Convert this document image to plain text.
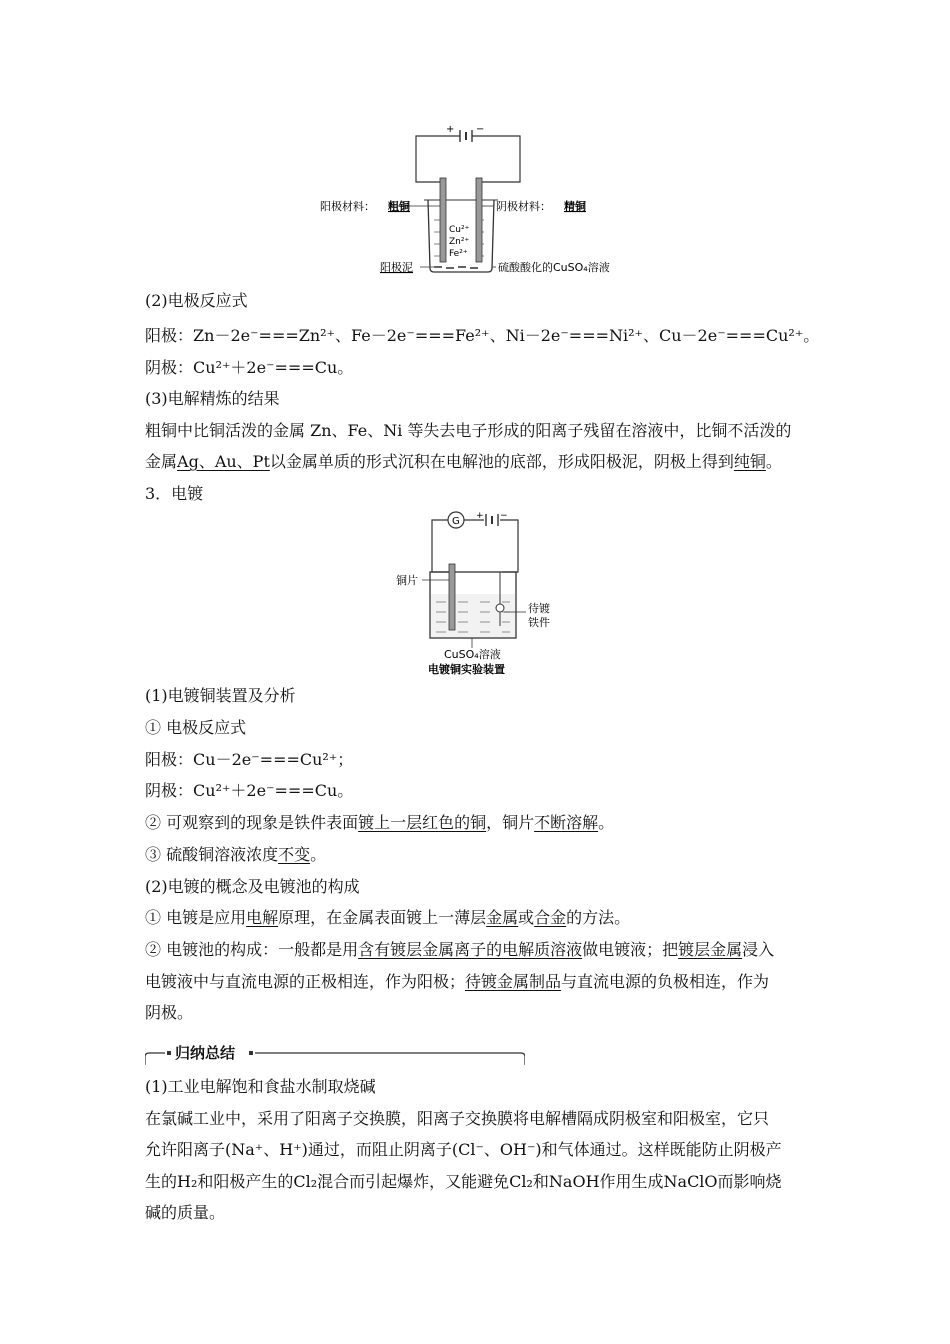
+ −
Cu²⁺
Zn²⁺
Fe²⁺
阳极材料： 粗铜	阴极材料： 精铜
阳极泥	硫酸酸化的CuSO₄溶液
(2)电极反应式
阳极：Zn－2e⁻===Zn²⁺、Fe－2e⁻===Fe²⁺、Ni－2e⁻===Ni²⁺、Cu－2e⁻===Cu²⁺。
阴极：Cu²⁺＋2e⁻===Cu。
(3)电解精炼的结果
粗铜中比铜活泼的金属 Zn、Fe、Ni 等失去电子形成的阳离子残留在溶液中，比铜不活泼的
金属Ag、Au、Pt以金属单质的形式沉积在电解池的底部，形成阳极泥，阴极上得到纯铜。
3．电镀
G + −
铜片
待镀
铁件
CuSO₄溶液
电镀铜实验装置
(1)电镀铜装置及分析
① 电极反应式
阳极：Cu－2e⁻===Cu²⁺；
阴极：Cu²⁺＋2e⁻===Cu。
② 可观察到的现象是铁件表面镀上一层红色的铜，铜片不断溶解。
③ 硫酸铜溶液浓度不变。
(2)电镀的概念及电镀池的构成
① 电镀是应用电解原理，在金属表面镀上一薄层金属或合金的方法。
② 电镀池的构成：一般都是用含有镀层金属离子的电解质溶液做电镀液；把镀层金属浸入
电镀液中与直流电源的正极相连，作为阳极；待镀金属制品与直流电源的负极相连，作为
阴极。
归纳总结
(1)工业电解饱和食盐水制取烧碱
在氯碱工业中，采用了阳离子交换膜，阳离子交换膜将电解槽隔成阴极室和阳极室，它只
允许阳离子(Na⁺、H⁺)通过，而阻止阴离子(Cl⁻、OH⁻)和气体通过。这样既能防止阴极产
生的H₂和阳极产生的Cl₂混合而引起爆炸，又能避免Cl₂和NaOH作用生成NaClO而影响烧
碱的质量。
